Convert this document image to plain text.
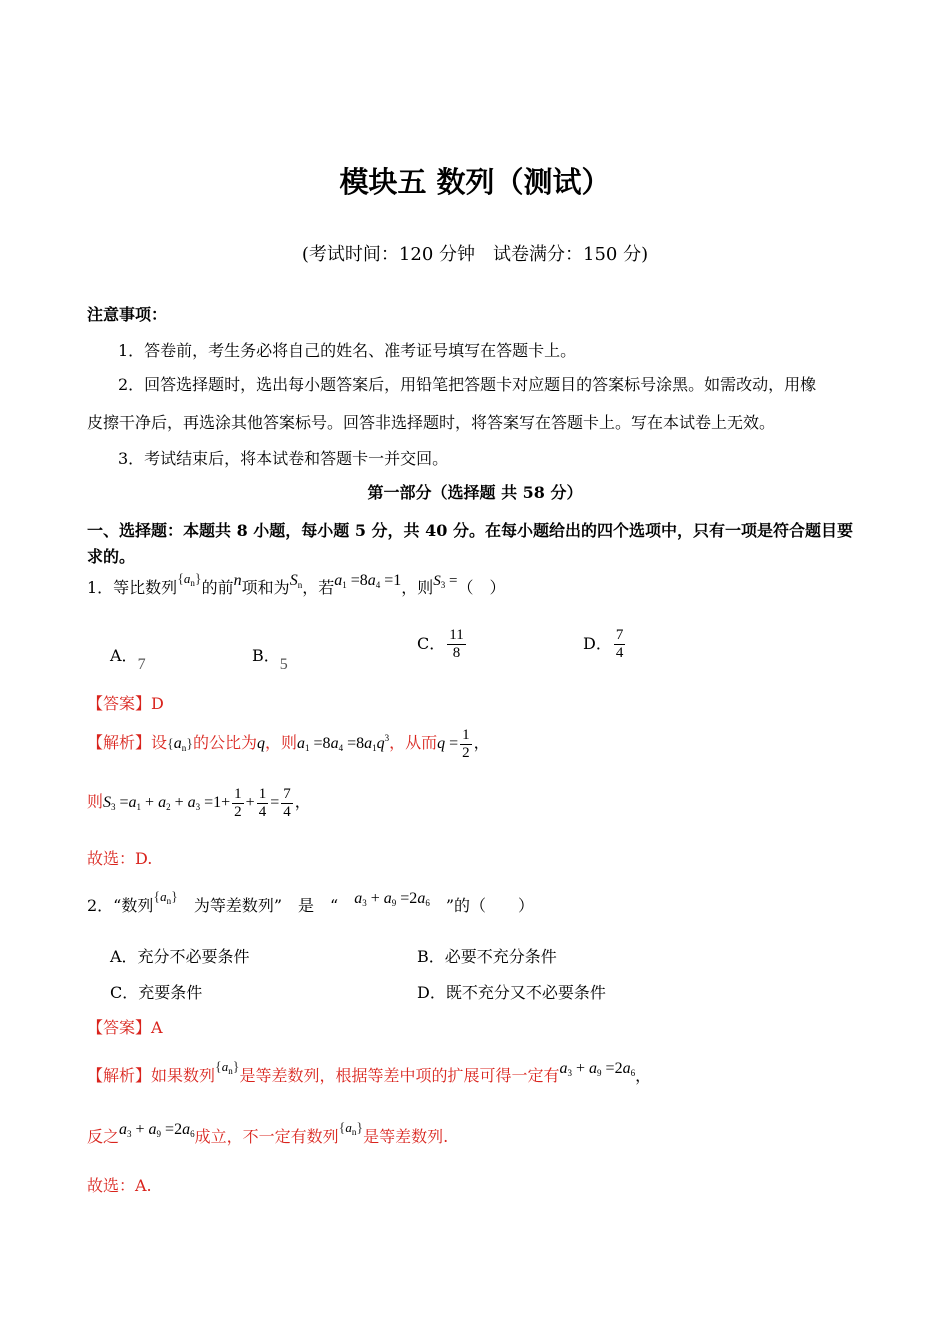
模块五 数列（测试）
(考试时间：120 分钟　试卷满分：150 分)
注意事项：
1．答卷前，考生务必将自己的姓名、准考证号填写在答题卡上。
2．回答选择题时，选出每小题答案后，用铅笔把答题卡对应题目的答案标号涂黑。如需改动，用橡
皮擦干净后，再选涂其他答案标号。回答非选择题时，将答案写在答题卡上。写在本试卷上无效。
3．考试结束后，将本试卷和答题卡一并交回。
第一部分（选择题 共 58 分）
一、选择题：本题共 8 小题，每小题 5 分，共 40 分。在每小题给出的四个选项中，只有一项是符合题目要
求的。
1．等比数列$\{a_n\}$的前n项和为$S_n$，若$a_1 =8a_4 =1$，则$S_3$ =（　）
A．7	B．5
C． $\frac{11}{8}$	D． $\frac{7}{4}$
【答案】D
【解析】设$\{a_n\}$的公比为q，则$a_1 =8a_4 =8a_1q^3$，从而$q = \frac{1}{2}$ ，
则$S_3 =a_1 + a_2 + a_3 =1+ \frac{1}{2} + \frac{1}{4} = \frac{7}{4}$ ，
故选：D.
2．“数列$\{a_n\}$　 为等差数列”　是　“　 $a_3 + a_9 =2a_6$　 ”的（　　）
A．充分不必要条件	B．必要不充分条件
C．充要条件	D．既不充分又不必要条件
【答案】A
【解析】如果数列$\{a_n\}$是等差数列，根据等差中项的扩展可得一定有$a_3 + a_9 =2a_6$，
反之$a_3 + a_9 =2a_6$成立，不一定有数列$\{a_n\}$是等差数列.
故选：A.
